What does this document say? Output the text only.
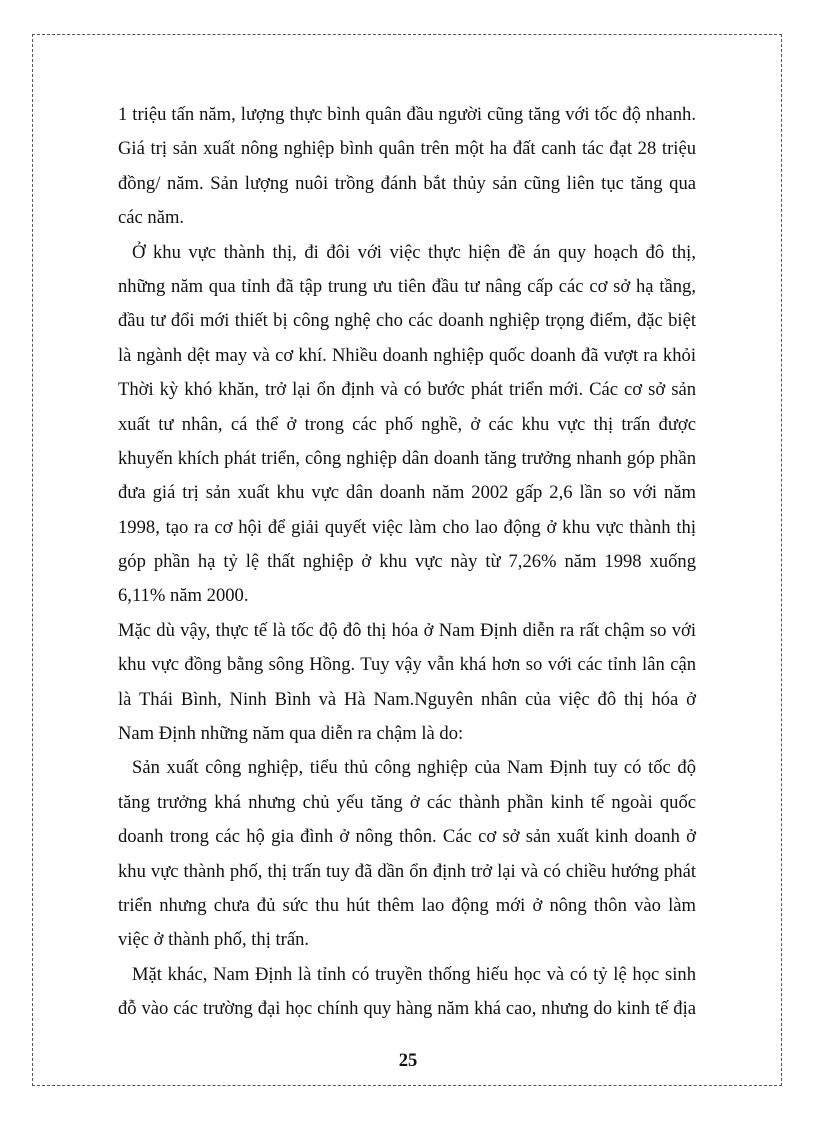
1 triệu tấn năm, lượng thực bình quân đầu người cũng tăng với tốc độ nhanh.
Giá trị sản xuất nông nghiệp bình quân trên một ha đất canh tác đạt 28 triệu
đồng/ năm. Sản lượng nuôi trồng đánh bắt thủy sản cũng liên tục tăng qua
các năm.
Ở khu vực thành thị, đi đôi với việc thực hiện đề án quy hoạch đô thị,
những năm qua tỉnh đã tập trung ưu tiên đầu tư nâng cấp các cơ sở hạ tầng,
đầu tư đổi mới thiết bị công nghệ cho các doanh nghiệp trọng điểm, đặc biệt
là ngành dệt may và cơ khí. Nhiều doanh nghiệp quốc doanh đã vượt ra khỏi
Thời kỳ khó khăn, trở lại ổn định và có bước phát triển mới. Các cơ sở sản
xuất tư nhân, cá thể ở trong các phố nghề, ở các khu vực thị trấn được
khuyến khích phát triển, công nghiệp dân doanh tăng trưởng nhanh góp phần
đưa giá trị sản xuất khu vực dân doanh năm 2002 gấp 2,6 lần so với năm
1998, tạo ra cơ hội để giải quyết việc làm cho lao động ở khu vực thành thị
góp phần hạ tỷ lệ thất nghiệp ở khu vực này từ 7,26% năm 1998 xuống
6,11% năm 2000.
Mặc dù vậy, thực tế là tốc độ đô thị hóa ở Nam Định diễn ra rất chậm so với
khu vực đồng bằng sông Hồng. Tuy vậy vẫn khá hơn so với các tỉnh lân cận
là Thái Bình, Ninh Bình và Hà Nam.Nguyên nhân của việc đô thị hóa ở
Nam Định những năm qua diễn ra chậm là do:
Sản xuất công nghiệp, tiểu thủ công nghiệp của Nam Định tuy có tốc độ
tăng trưởng khá nhưng chủ yếu tăng ở các thành phần kinh tế ngoài quốc
doanh trong các hộ gia đình ở nông thôn. Các cơ sở sản xuất kinh doanh ở
khu vực thành phố, thị trấn tuy đã dần ổn định trở lại và có chiều hướng phát
triển nhưng chưa đủ sức thu hút thêm lao động mới ở nông thôn vào làm
việc ở thành phố, thị trấn.
Mặt khác, Nam Định là tỉnh có truyền thống hiếu học và có tỷ lệ học sinh
đỗ vào các trường đại học chính quy hàng năm khá cao, nhưng do kinh tế địa
25
